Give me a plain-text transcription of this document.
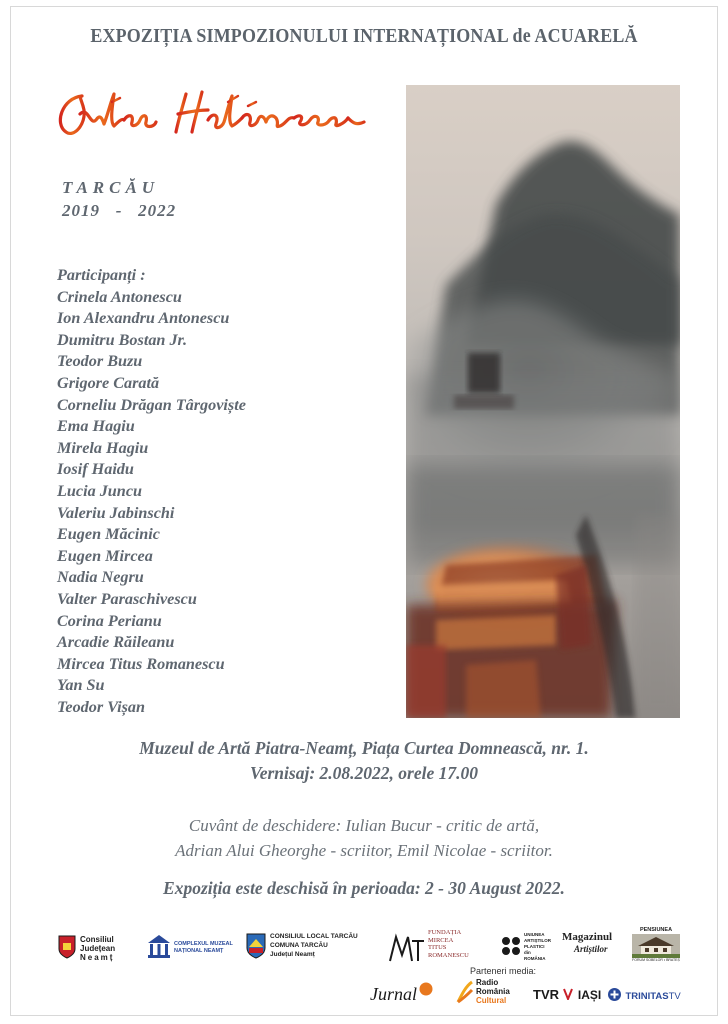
EXPOZIȚIA SIMPOZIONULUI INTERNAȚIONAL de ACUARELĂ
TARCĂU
2019   -   2022
Participanți :
Crinela Antonescu
Ion Alexandru Antonescu
Dumitru Bostan Jr.
Teodor Buzu
Grigore Carată
Corneliu Drăgan Târgoviște
Ema Hagiu
Mirela Hagiu
Iosif Haidu
Lucia Juncu
Valeriu Jabinschi
Eugen Măcinic
Eugen Mircea
Nadia Negru
Valter Paraschivescu
Corina Perianu
Arcadie Răileanu
Mircea Titus Romanescu
Yan Su
Teodor Vișan
Muzeul de Artă Piatra-Neamț, Piața Curtea Domnească, nr. 1.
Vernisaj: 2.08.2022, orele 17.00
Cuvânt de deschidere: Iulian Bucur - critic de artă,
Adrian Alui Gheorghe - scriitor, Emil Nicolae - scriitor.
Expoziția este deschisă în perioada: 2 - 30 August 2022.
Consiliul
Județean
Neamț
COMPLEXUL MUZEAL
NAȚIONAL NEAMȚ
CONSILIUL LOCAL TARCĂU
COMUNA TARCĂU
Județul Neamț
FUNDAȚIA
MIRCEA
TITUS
ROMANESCU
UNIUNEA
ARTIȘTILOR
PLASTICI
din
ROMÂNIA
Magazinul
Artiștilor
PENSIUNEA
FORUM SOBELOR • BRATEȘ
Parteneri media:
Jurnal
Radio
România
Cultural TVR IAȘI	TRINITASTV
